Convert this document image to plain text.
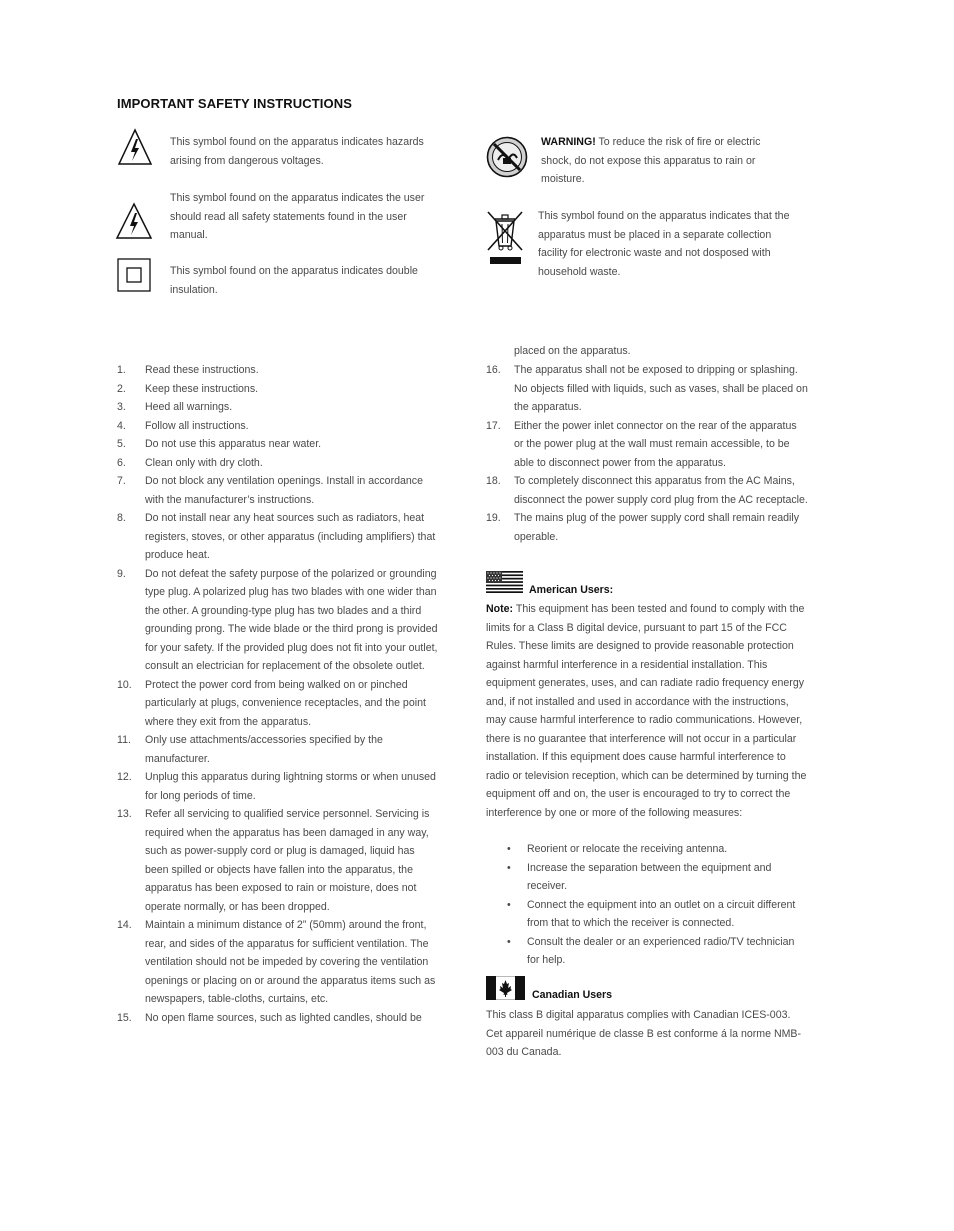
IMPORTANT SAFETY INSTRUCTIONS
This symbol found on the apparatus indicates hazards arising from dangerous voltages.
This symbol found on the apparatus indicates the user should read all safety statements found in the user manual.
This symbol found on the apparatus indicates double insulation.
WARNING! To reduce the risk of fire or electric shock, do not expose this apparatus to rain or moisture.
This symbol found on the apparatus indicates that the apparatus must be placed in a separate collection facility for electronic waste and not dosposed with household waste.
1. Read these instructions.
2. Keep these instructions.
3. Heed all warnings.
4. Follow all instructions.
5. Do not use this apparatus near water.
6. Clean only with dry cloth.
7. Do not block any ventilation openings. Install in accordance with the manufacturer’s instructions.
8. Do not install near any heat sources such as radiators, heat registers, stoves, or other apparatus (including amplifiers) that produce heat.
9. Do not defeat the safety purpose of the polarized or grounding type plug. A polarized plug has two blades with one wider than the other. A grounding-type plug has two blades and a third grounding prong. The wide blade or the third prong is provided for your safety. If the provided plug does not fit into your outlet, consult an electrician for replacement of the obsolete outlet.
10. Protect the power cord from being walked on or pinched particularly at plugs, convenience receptacles, and the point where they exit from the apparatus.
11. Only use attachments/accessories specified by the manufacturer.
12. Unplug this apparatus during lightning storms or when unused for long periods of time.
13. Refer all servicing to qualified service personnel. Servicing is required when the apparatus has been damaged in any way, such as power-supply cord or plug is damaged, liquid has been spilled or objects have fallen into the apparatus, the apparatus has been exposed to rain or moisture, does not operate normally, or has been dropped.
14. Maintain a minimum distance of 2” (50mm) around the front, rear, and sides of the apparatus for sufficient ventilation. The ventilation should not be impeded by covering the ventilation openings or placing on or around the apparatus items such as newspapers, table-cloths, curtains, etc.
15. No open flame sources, such as lighted candles, should be
placed on the apparatus.
16. The apparatus shall not be exposed to dripping or splashing. No objects filled with liquids, such as vases, shall be placed on the apparatus.
17. Either the power inlet connector on the rear of the apparatus or the power plug at the wall must remain accessible, to be able to disconnect power from the apparatus.
18. To completely disconnect this apparatus from the AC Mains, disconnect the power supply cord plug from the AC receptacle.
19. The mains plug of the power supply cord shall remain readily operable.
American Users:
Note: This equipment has been tested and found to comply with the limits for a Class B digital device, pursuant to part 15 of the FCC Rules. These limits are designed to provide reasonable protection against harmful interference in a residential installation. This equipment generates, uses, and can radiate radio frequency energy and, if not installed and used in accordance with the instructions, may cause harmful interference to radio communications. However, there is no guarantee that interference will not occur in a particular installation. If this equipment does cause harmful interference to radio or television reception, which can be determined by turning the equipment off and on, the user is encouraged to try to correct the interference by one or more of the following measures:
• Reorient or relocate the receiving antenna.
• Increase the separation between the equipment and receiver.
• Connect the equipment into an outlet on a circuit different from that to which the receiver is connected.
• Consult the dealer or an experienced radio/TV technician for help.
Canadian Users
This class B digital apparatus complies with Canadian ICES-003. Cet appareil numérique de classe B est conforme á la norme NMB-003 du Canada.
